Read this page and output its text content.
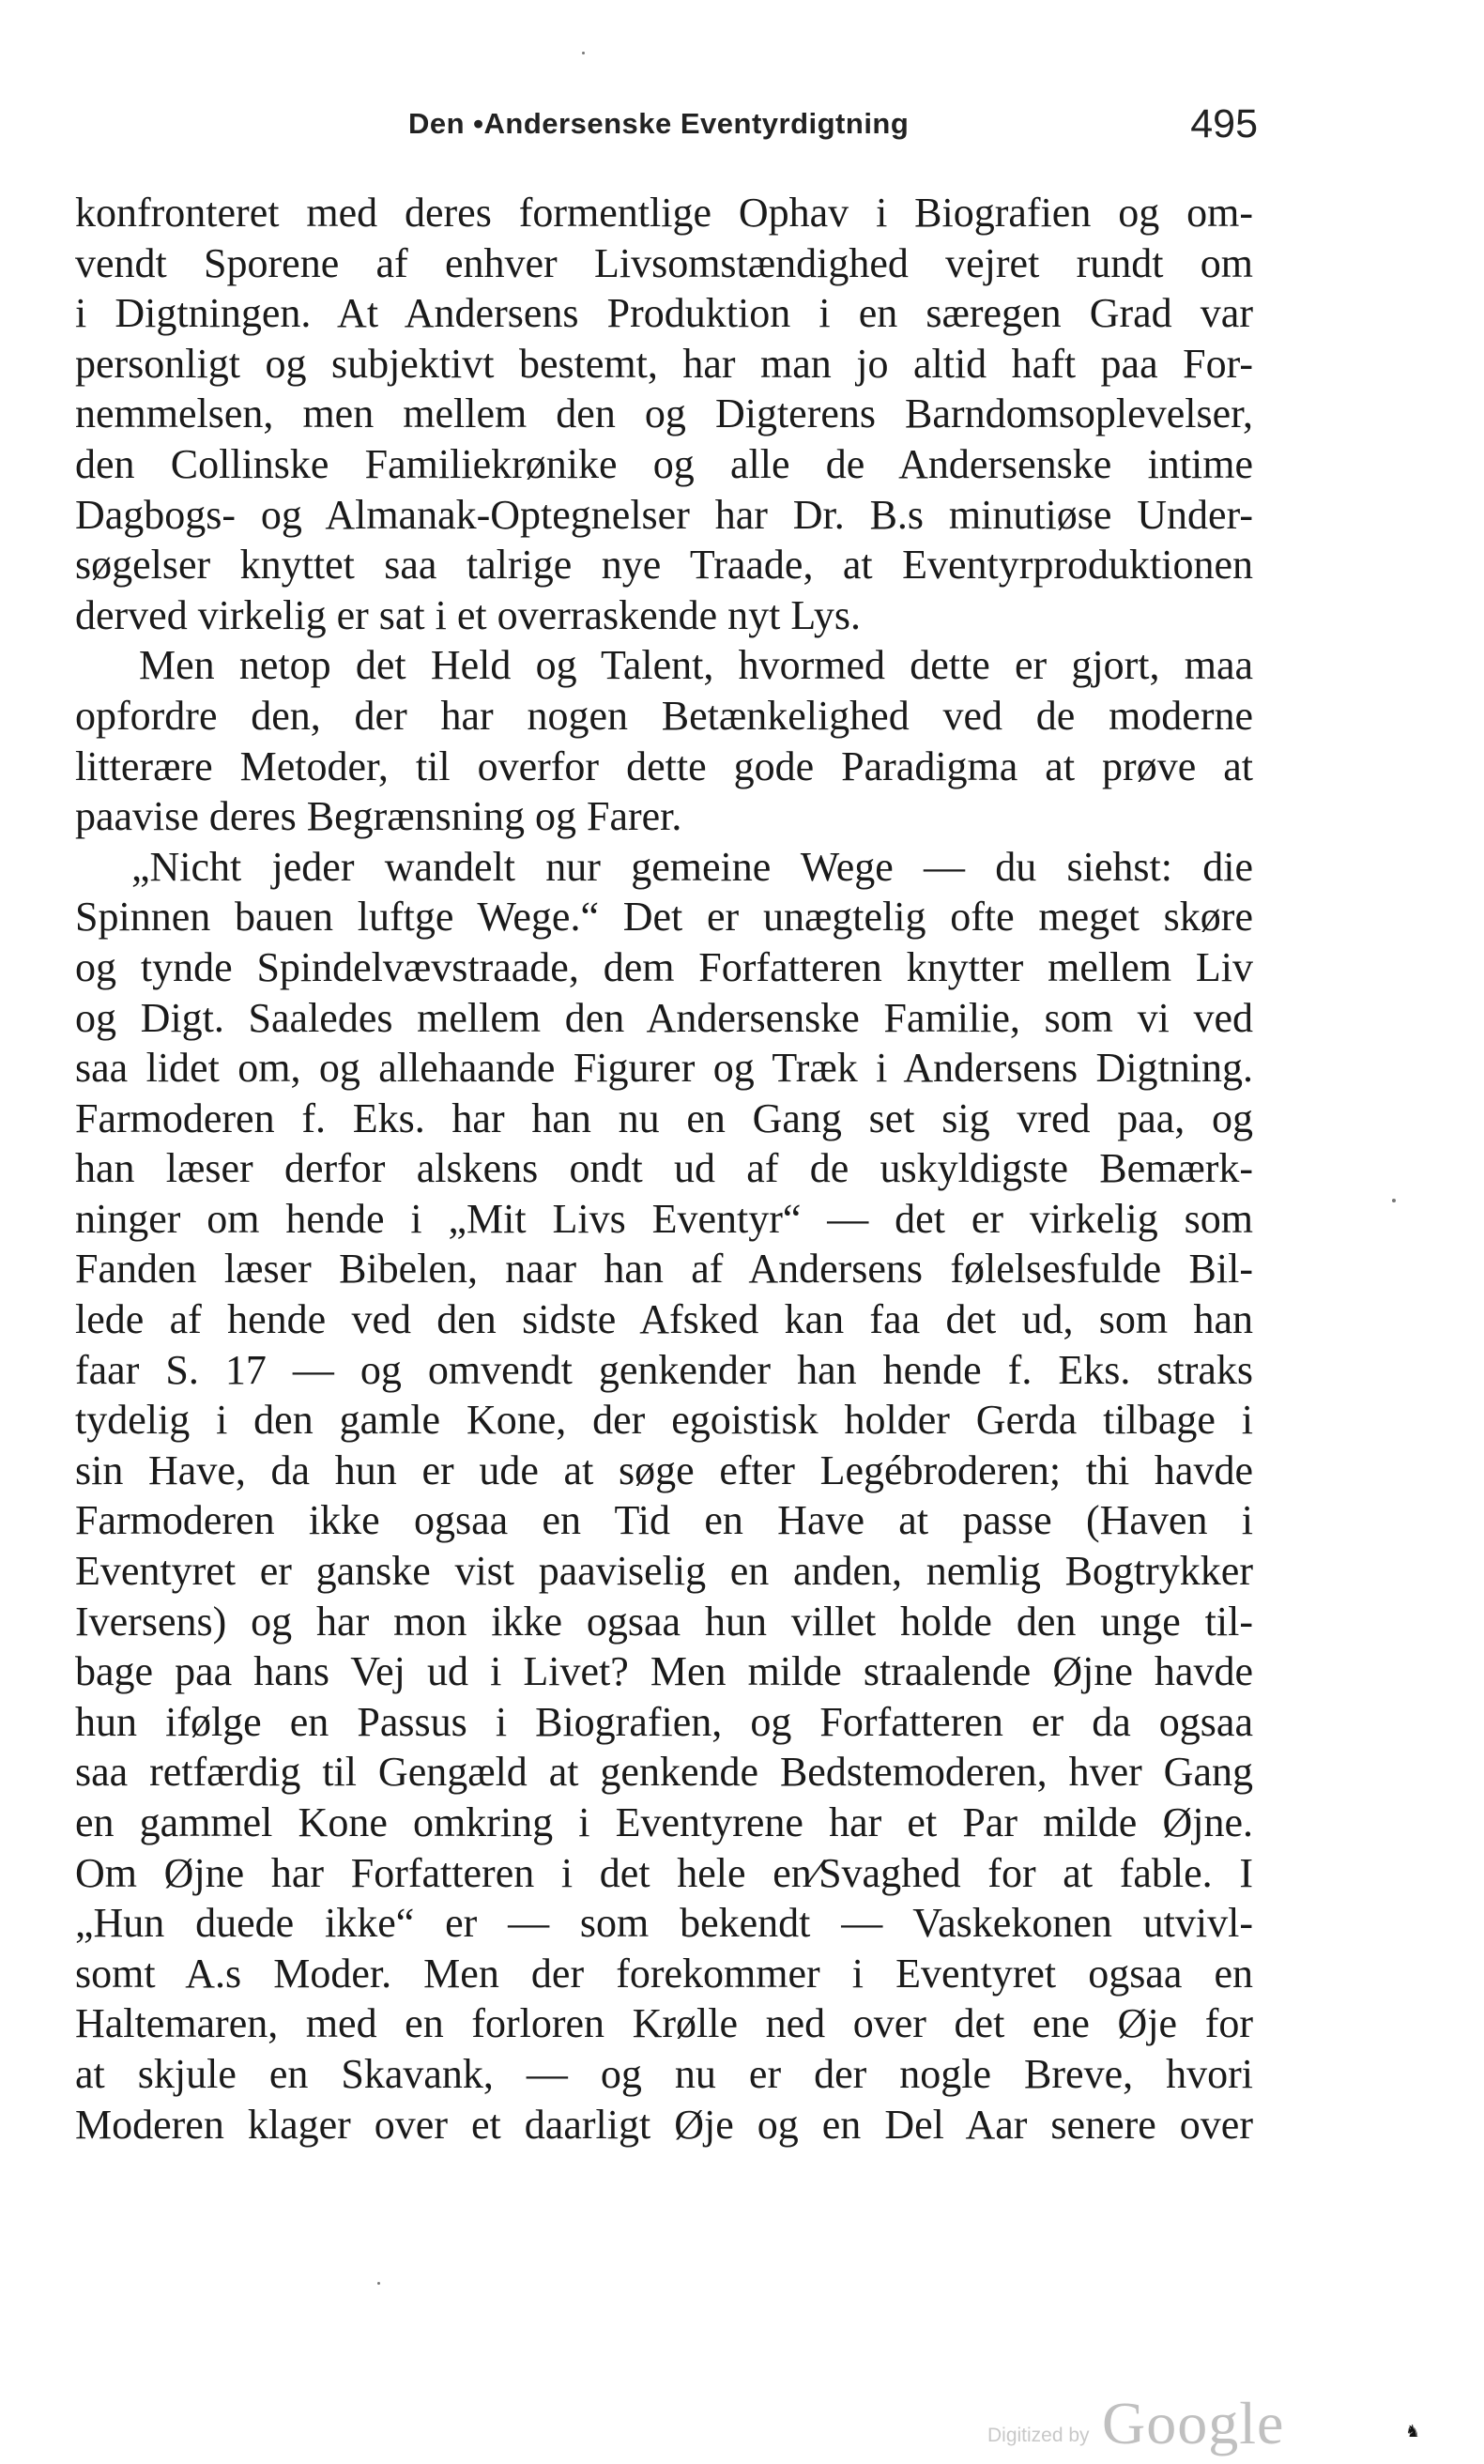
Den •Andersenske Eventyrdigtning	495
konfronteret med deres formentlige Ophav i Biografien og om-
vendt Sporene af enhver Livsomstændighed vejret rundt om
i Digtningen. At Andersens Produktion i en særegen Grad var
personligt og subjektivt bestemt, har man jo altid haft paa For-
nemmelsen, men mellem den og Digterens Barndomsoplevelser,
den Collinske Familiekrønike og alle de Andersenske intime
Dagbogs- og Almanak-Optegnelser har Dr. B.s minutiøse Under-
søgelser knyttet saa talrige nye Traade, at Eventyrproduktionen
derved virkelig er sat i et overraskende nyt Lys.
Men netop det Held og Talent, hvormed dette er gjort, maa
opfordre den, der har nogen Betænkelighed ved de moderne
litterære Metoder, til overfor dette gode Paradigma at prøve at
paavise deres Begrænsning og Farer.
„Nicht jeder wandelt nur gemeine Wege — du siehst: die
Spinnen bauen luftge Wege.“ Det er unægtelig ofte meget skøre
og tynde Spindelvævstraade, dem Forfatteren knytter mellem Liv
og Digt. Saaledes mellem den Andersenske Familie, som vi ved
saa lidet om, og allehaande Figurer og Træk i Andersens Digtning.
Farmoderen f. Eks. har han nu en Gang set sig vred paa, og
han læser derfor alskens ondt ud af de uskyldigste Bemærk-
ninger om hende i „Mit Livs Eventyr“ — det er virkelig som
Fanden læser Bibelen, naar han af Andersens følelsesfulde Bil-
lede af hende ved den sidste Afsked kan faa det ud, som han
faar S. 17 — og omvendt genkender han hende f. Eks. straks
tydelig i den gamle Kone, der egoistisk holder Gerda tilbage i
sin Have, da hun er ude at søge efter Legébroderen; thi havde
Farmoderen ikke ogsaa en Tid en Have at passe (Haven i
Eventyret er ganske vist paaviselig en anden, nemlig Bogtrykker
Iversens) og har mon ikke ogsaa hun villet holde den unge til-
bage paa hans Vej ud i Livet? Men milde straalende Øjne havde
hun ifølge en Passus i Biografien, og Forfatteren er da ogsaa
saa retfærdig til Gengæld at genkende Bedstemoderen, hver Gang
en gammel Kone omkring i Eventyrene har et Par milde Øjne.
Om Øjne har Forfatteren i det hele en∕Svaghed for at fable. I
„Hun duede ikke“ er — som bekendt — Vaskekonen utvivl-
somt A.s Moder. Men der forekommer i Eventyret ogsaa en
Haltemaren, med en forloren Krølle ned over det ene Øje for
at skjule en Skavank, — og nu er der nogle Breve, hvori
Moderen klager over et daarligt Øje og en Del Aar senere over
Digitized by Google	♞
